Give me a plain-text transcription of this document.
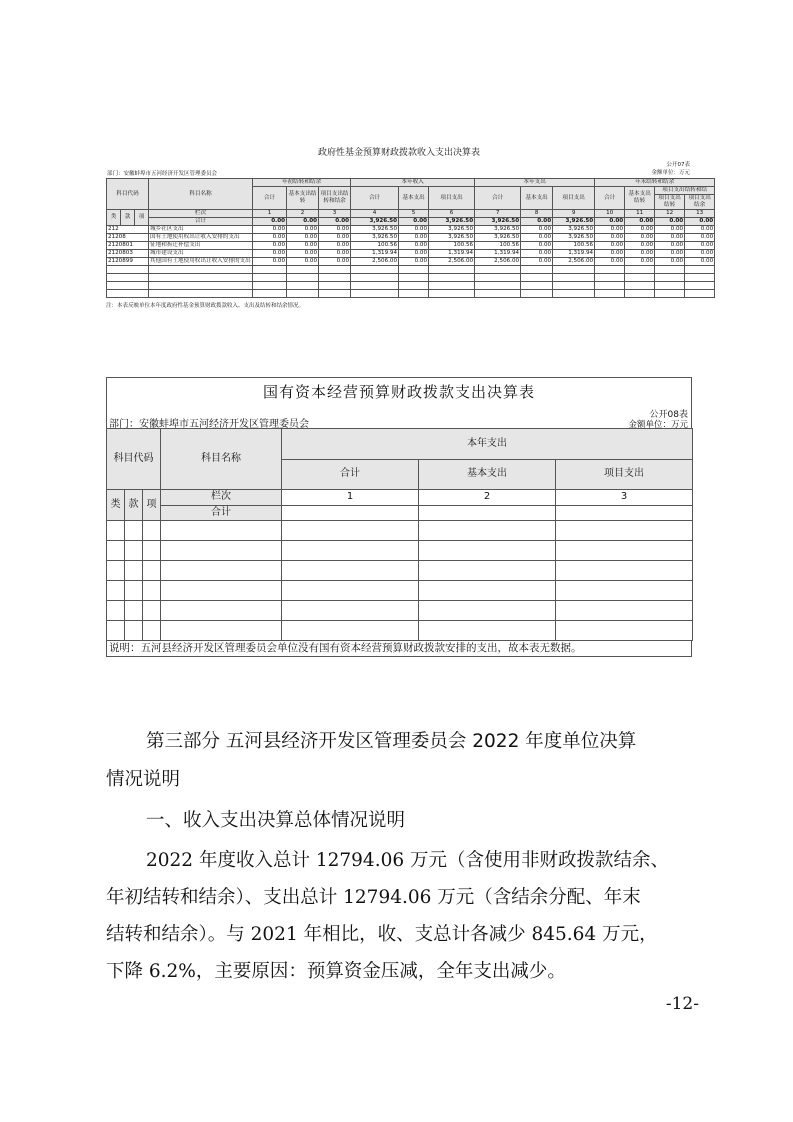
政府性基金预算财政拨款收入支出决算表
公开07表
金额单位：万元
部门：安徽蚌埠市五河经济开发区管理委员会
科目代码			科目名称	年初结转和结余			本年收入			本年支出			年末结转和结余			
				合计	基本支出结转	项目支出结转和结余	合计	基本支出	项目支出	合计	基本支出	项目支出	合计	基本支出结转	项目支出结转和结	
															项目支出结转	项目支出结余
类	款	项	栏次	1	2	3	4	5	6	7	8	9	10	11	12	13
			合计	0.00	0.00	0.00	3,926.50	0.00	3,926.50	3,926.50	0.00	3,926.50	0.00	0.00	0.00	0.00
212			城乡社区支出	0.00	0.00	0.00	3,926.50	0.00	3,926.50	3,926.50	0.00	3,926.50	0.00	0.00	0.00	0.00
21208			国有土地使用权出让收入安排的支出	0.00	0.00	0.00	3,926.50	0.00	3,926.50	3,926.50	0.00	3,926.50	0.00	0.00	0.00	0.00
2120801			征地和拆迁补偿支出	0.00	0.00	0.00	100.56	0.00	100.56	100.56	0.00	100.56	0.00	0.00	0.00	0.00
2120803			城市建设支出	0.00	0.00	0.00	1,319.94	0.00	1,319.94	1,319.94	0.00	1,319.94	0.00	0.00	0.00	0.00
2120899			其他国有土地使用权出让收入安排的支出	0.00	0.00	0.00	2,506.00	0.00	2,506.00	2,506.00	0.00	2,506.00	0.00	0.00	0.00	0.00

注：本表反映单位本年度政府性基金预算财政拨款收入、支出及结转和结余情况。
国有资本经营预算财政拨款支出决算表
公开08表
金额单位：万元
部门：安徽蚌埠市五河经济开发区管理委员会
科目代码			科目名称	本年支出		
				合计	基本支出	项目支出
类	款	项	栏次	1	2	3
			合计			

说明：五河县经济开发区管理委员会单位没有国有资本经营预算财政拨款安排的支出，故本表无数据。
第三部分 五河县经济开发区管理委员会 2022 年度单位决算
情况说明
一、收入支出决算总体情况说明
2022 年度收入总计 12794.06 万元（含使用非财政拨款结余、
年初结转和结余）、支出总计 12794.06 万元（含结余分配、年末
结转和结余）。与 2021 年相比，收、支总计各减少 845.64 万元，
下降 6.2%，主要原因：预算资金压减，全年支出减少。
-12-
